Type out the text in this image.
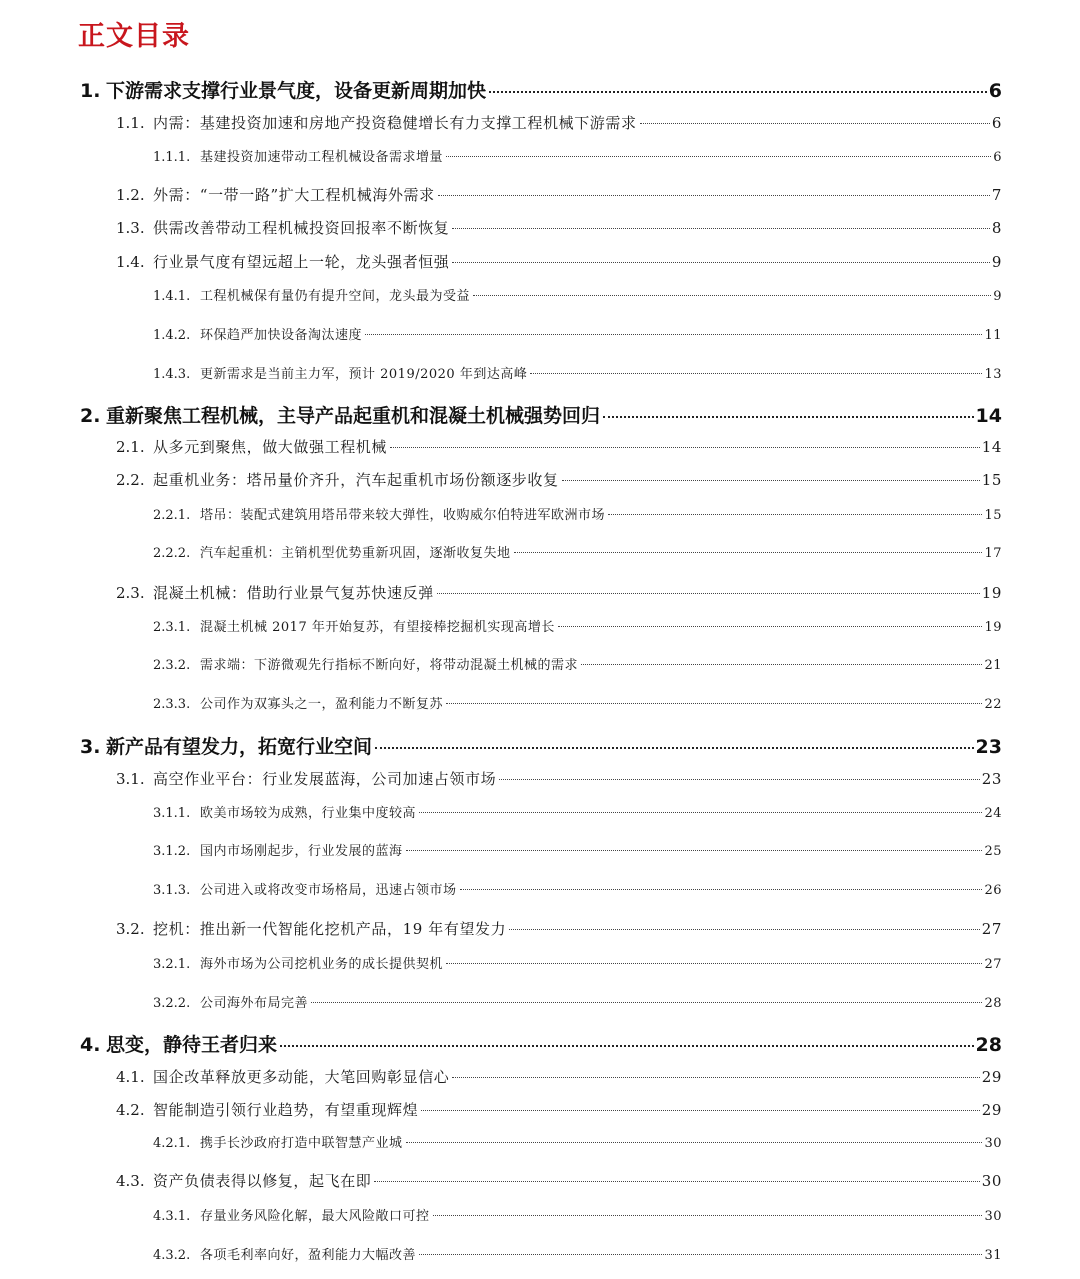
正文目录
1. 下游需求支撑行业景气度，设备更新周期加快	6
1.1. 内需：基建投资加速和房地产投资稳健增长有力支撑工程机械下游需求	6
1.1.1. 基建投资加速带动工程机械设备需求增量	6
1.2. 外需：“一带一路”扩大工程机械海外需求	7
1.3. 供需改善带动工程机械投资回报率不断恢复	8
1.4. 行业景气度有望远超上一轮，龙头强者恒强	9
1.4.1. 工程机械保有量仍有提升空间，龙头最为受益	9
1.4.2. 环保趋严加快设备淘汰速度	11
1.4.3. 更新需求是当前主力军，预计 2019/2020 年到达高峰	13
2. 重新聚焦工程机械，主导产品起重机和混凝土机械强势回归	14
2.1. 从多元到聚焦，做大做强工程机械	14
2.2. 起重机业务：塔吊量价齐升，汽车起重机市场份额逐步收复	15
2.2.1. 塔吊：装配式建筑用塔吊带来较大弹性，收购威尔伯特进军欧洲市场	15
2.2.2. 汽车起重机：主销机型优势重新巩固，逐渐收复失地	17
2.3. 混凝土机械：借助行业景气复苏快速反弹	19
2.3.1. 混凝土机械 2017 年开始复苏，有望接棒挖掘机实现高增长	19
2.3.2. 需求端：下游微观先行指标不断向好，将带动混凝土机械的需求	21
2.3.3. 公司作为双寡头之一，盈利能力不断复苏	22
3. 新产品有望发力，拓宽行业空间	23
3.1. 高空作业平台：行业发展蓝海，公司加速占领市场	23
3.1.1. 欧美市场较为成熟，行业集中度较高	24
3.1.2. 国内市场刚起步，行业发展的蓝海	25
3.1.3. 公司进入或将改变市场格局，迅速占领市场	26
3.2. 挖机：推出新一代智能化挖机产品，19 年有望发力	27
3.2.1. 海外市场为公司挖机业务的成长提供契机	27
3.2.2. 公司海外布局完善	28
4. 思变，静待王者归来	28
4.1. 国企改革释放更多动能，大笔回购彰显信心	29
4.2. 智能制造引领行业趋势，有望重现辉煌	29
4.2.1. 携手长沙政府打造中联智慧产业城	30
4.3. 资产负债表得以修复，起飞在即	30
4.3.1. 存量业务风险化解，最大风险敞口可控	30
4.3.2. 各项毛利率向好，盈利能力大幅改善	31
